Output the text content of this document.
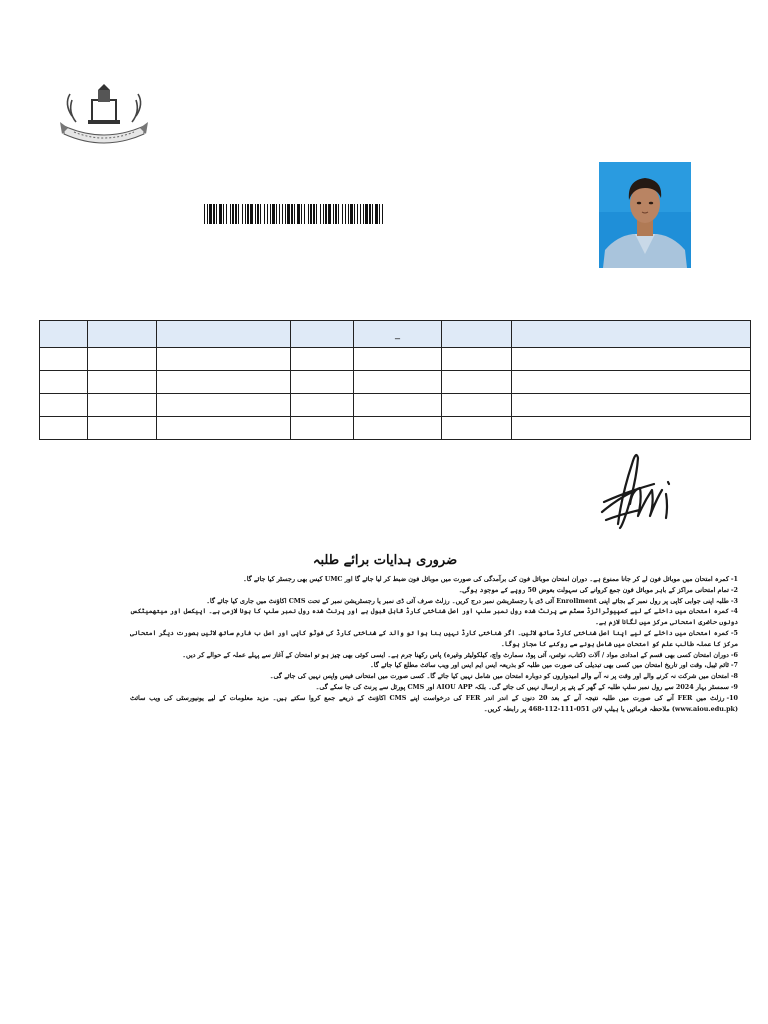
				_		

ضروری ہدایات برائے طلبہ
1-کمرہ امتحان میں موبائل فون لے کر جانا ممنوع ہے۔ دوران امتحان موبائل فون کی برآمدگی کی صورت میں موبائل فون ضبط کر لیا جائے گا اور UMC کیس بھی رجسٹر کیا جائے گا۔
2-تمام امتحانی مراکز کے باہر موبائل فون جمع کروانے کی سہولت بعوض 50 روپے کے موجود ہوگی۔
3-طلبہ اپنی جوابی کاپی پر رول نمبر کے بجائے اپنی Enrollment آئی ڈی یا رجسٹریشن نمبر درج کریں۔ رزلٹ صرف آئی ڈی نمبر یا رجسٹریشن نمبر کے تحت CMS اکاؤنٹ میں جاری کیا جائے گا۔
4-کمرہ امتحان میں داخلے کے لیے کمپیوٹرائزڈ سسٹم سے پرنٹ شدہ رول نمبر سلپ اور اصل شناختی کارڈ قابل قبول ہے اور پرنٹ شدہ رول نمبر سلپ کا ہونا لازمی ہے۔ اپیکسل اور میتھمیٹکس دونوں حاضری امتحانی مرکز میں لگانا لازم ہے۔
5-کمرہ امتحان میں داخلے کے لیے اپنا اصل شناختی کارڈ ساتھ لائیں۔ اگر شناختی کارڈ نہیں بنا ہوا تو والد کے شناختی کارڈ کی فوٹو کاپی اور اصل ب فارم ساتھ لائیں بصورت دیگر امتحانی مرکز کا عملہ طالب علم کو امتحان میں شامل ہونے سے روکنے کا مجاز ہوگا۔
6-دوران امتحان کسی بھی قسم کے امدادی مواد / آلات (کتاب، نوٹس، آئی پوڈ، سمارٹ واچ، کیلکولیٹر وغیرہ) پاس رکھنا جرم ہے۔ ایسی کوئی بھی چیز ہو تو امتحان کے آغاز سے پہلے عملہ کے حوالے کر دیں۔
7-ٹائم ٹیبل، وقت اور تاریخ امتحان میں کسی بھی تبدیلی کی صورت میں طلبہ کو بذریعہ ایس ایم ایس اور ویب سائٹ مطلع کیا جائے گا۔
8-امتحان میں شرکت نہ کرنے والے اور وقت پر نہ آنے والے امیدواروں کو دوبارہ امتحان میں شامل نہیں کیا جائے گا۔ کسی صورت میں امتحانی فیس واپس نہیں کی جائے گی۔
9-سمسٹر بہار 2024 سے رول نمبر سلپ طلبہ کے گھر کے پتے پر ارسال نہیں کی جائے گی۔ بلکہ AIOU APP اور CMS پورٹل سے پرنٹ کی جا سکے گی۔
10-رزلٹ میں FER آنے کی صورت میں طلبہ نتیجہ آنے کے بعد 20 دنوں کے اندر اندر FER کی درخواست اپنے CMS اکاؤنٹ کے ذریعے جمع کروا سکتے ہیں۔ مزید معلومات کے لیے یونیورسٹی کی ویب سائٹ (www.aiou.edu.pk) ملاحظہ فرمائیں یا ہیلپ لائن 051-111-112-468 پر رابطہ کریں۔
